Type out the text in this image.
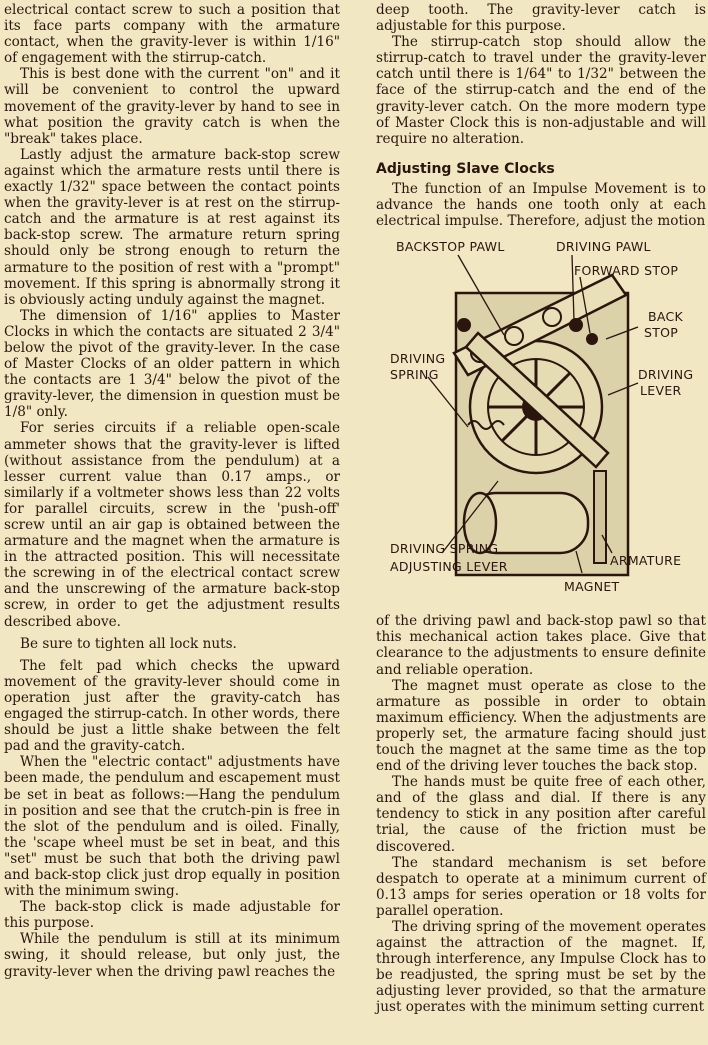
electrical contact screw to such a position that its face parts company with the armature contact, when the gravity-lever is within 1/16" of engagement with the stirrup-catch.

This is best done with the current "on" and it will be convenient to control the upward movement of the gravity-lever by hand to see in what position the gravity catch is when the "break" takes place.

Lastly adjust the armature back-stop screw against which the armature rests until there is exactly 1/32" space between the contact points when the gravity-lever is at rest on the stirrup-catch and the armature is at rest against its back-stop screw. The armature return spring should only be strong enough to return the armature to the position of rest with a "prompt" movement. If this spring is abnormally strong it is obviously acting unduly against the magnet.

The dimension of 1/16" applies to Master Clocks in which the contacts are situated 2 3/4" below the pivot of the gravity-lever. In the case of Master Clocks of an older pattern in which the contacts are 1 3/4" below the pivot of the gravity-lever, the dimension in question must be 1/8" only.

For series circuits if a reliable open-scale ammeter shows that the gravity-lever is lifted (without assistance from the pendulum) at a lesser current value than 0.17 amps., or similarly if a voltmeter shows less than 22 volts for parallel circuits, screw in the 'push-off' screw until an air gap is obtained between the armature and the magnet when the armature is in the attracted position. This will necessitate the screwing in of the electrical contact screw and the unscrewing of the armature back-stop screw, in order to get the adjustment results described above.

Be sure to tighten all lock nuts.

The felt pad which checks the upward movement of the gravity-lever should come in operation just after the gravity-catch has engaged the stirrup-catch. In other words, there should be just a little shake between the felt pad and the gravity-catch.

When the "electric contact" adjustments have been made, the pendulum and escapement must be set in beat as follows:—Hang the pendulum in position and see that the crutch-pin is free in the slot of the pendulum and is oiled. Finally, the 'scape wheel must be set in beat, and this "set" must be such that both the driving pawl and back-stop click just drop equally in position with the minimum swing.

The back-stop click is made adjustable for this purpose.

While the pendulum is still at its minimum swing, it should release, but only just, the gravity-lever when the driving pawl reaches the

deep tooth. The gravity-lever catch is adjustable for this purpose.

The stirrup-catch stop should allow the stirrup-catch to travel under the gravity-lever catch until there is 1/64" to 1/32" between the face of the stirrup-catch and the end of the gravity-lever catch. On the more modern type of Master Clock this is non-adjustable and will require no alteration.

Adjusting Slave Clocks

The function of an Impulse Movement is to advance the hands one tooth only at each electrical impulse. Therefore, adjust the motion

BACKSTOP PAWL	DRIVING PAWL
FORWARD STOP
BACK
STOP
DRIVING
SPRING	DRIVING
LEVER
DRIVING SPRING
ADJUSTING LEVER	ARMATURE
MAGNET

of the driving pawl and back-stop pawl so that this mechanical action takes place. Give that clearance to the adjustments to ensure definite and reliable operation.

The magnet must operate as close to the armature as possible in order to obtain maximum efficiency. When the adjustments are properly set, the armature facing should just touch the magnet at the same time as the top end of the driving lever touches the back stop.

The hands must be quite free of each other, and of the glass and dial. If there is any tendency to stick in any position after careful trial, the cause of the friction must be discovered.

The standard mechanism is set before despatch to operate at a minimum current of 0.13 amps for series operation or 18 volts for parallel operation.

The driving spring of the movement operates against the attraction of the magnet. If, through interference, any Impulse Clock has to be readjusted, the spring must be set by the adjusting lever provided, so that the armature just operates with the minimum setting current
